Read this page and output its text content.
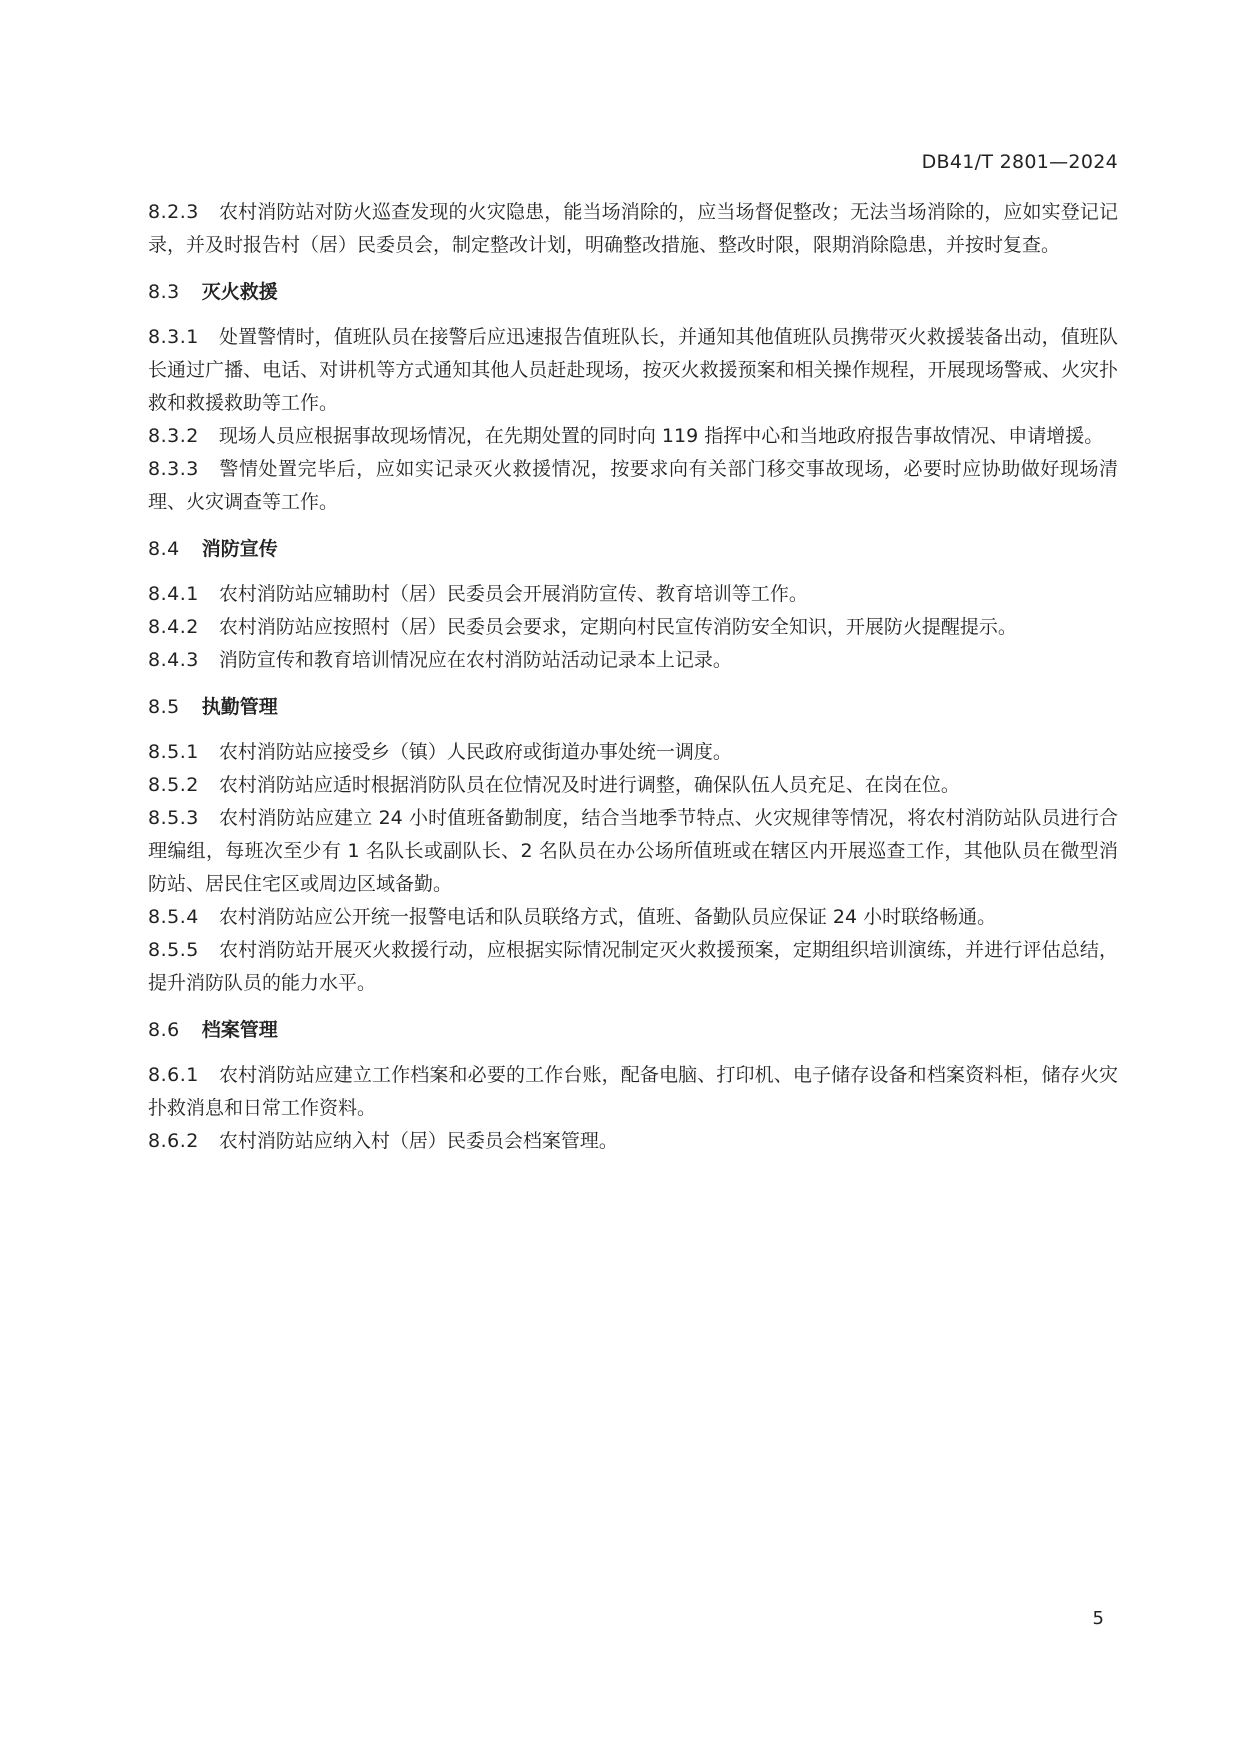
DB41/T 2801—2024

8.2.3 农村消防站对防火巡查发现的火灾隐患，能当场消除的，应当场督促整改；无法当场消除的，应如实登记记录，并及时报告村（居）民委员会，制定整改计划，明确整改措施、整改时限，限期消除隐患，并按时复查。

8.3 灭火救援

8.3.1 处置警情时，值班队员在接警后应迅速报告值班队长，并通知其他值班队员携带灭火救援装备出动，值班队长通过广播、电话、对讲机等方式通知其他人员赶赴现场，按灭火救援预案和相关操作规程，开展现场警戒、火灾扑救和救援救助等工作。

8.3.2 现场人员应根据事故现场情况，在先期处置的同时向 119 指挥中心和当地政府报告事故情况、申请增援。

8.3.3 警情处置完毕后，应如实记录灭火救援情况，按要求向有关部门移交事故现场，必要时应协助做好现场清理、火灾调查等工作。

8.4 消防宣传

8.4.1 农村消防站应辅助村（居）民委员会开展消防宣传、教育培训等工作。

8.4.2 农村消防站应按照村（居）民委员会要求，定期向村民宣传消防安全知识，开展防火提醒提示。

8.4.3 消防宣传和教育培训情况应在农村消防站活动记录本上记录。

8.5 执勤管理

8.5.1 农村消防站应接受乡（镇）人民政府或街道办事处统一调度。

8.5.2 农村消防站应适时根据消防队员在位情况及时进行调整，确保队伍人员充足、在岗在位。

8.5.3 农村消防站应建立 24 小时值班备勤制度，结合当地季节特点、火灾规律等情况，将农村消防站队员进行合理编组，每班次至少有 1 名队长或副队长、2 名队员在办公场所值班或在辖区内开展巡查工作，其他队员在微型消防站、居民住宅区或周边区域备勤。

8.5.4 农村消防站应公开统一报警电话和队员联络方式，值班、备勤队员应保证 24 小时联络畅通。

8.5.5 农村消防站开展灭火救援行动，应根据实际情况制定灭火救援预案，定期组织培训演练，并进行评估总结，提升消防队员的能力水平。

8.6 档案管理

8.6.1 农村消防站应建立工作档案和必要的工作台账，配备电脑、打印机、电子储存设备和档案资料柜，储存火灾扑救消息和日常工作资料。

8.6.2 农村消防站应纳入村（居）民委员会档案管理。

5
